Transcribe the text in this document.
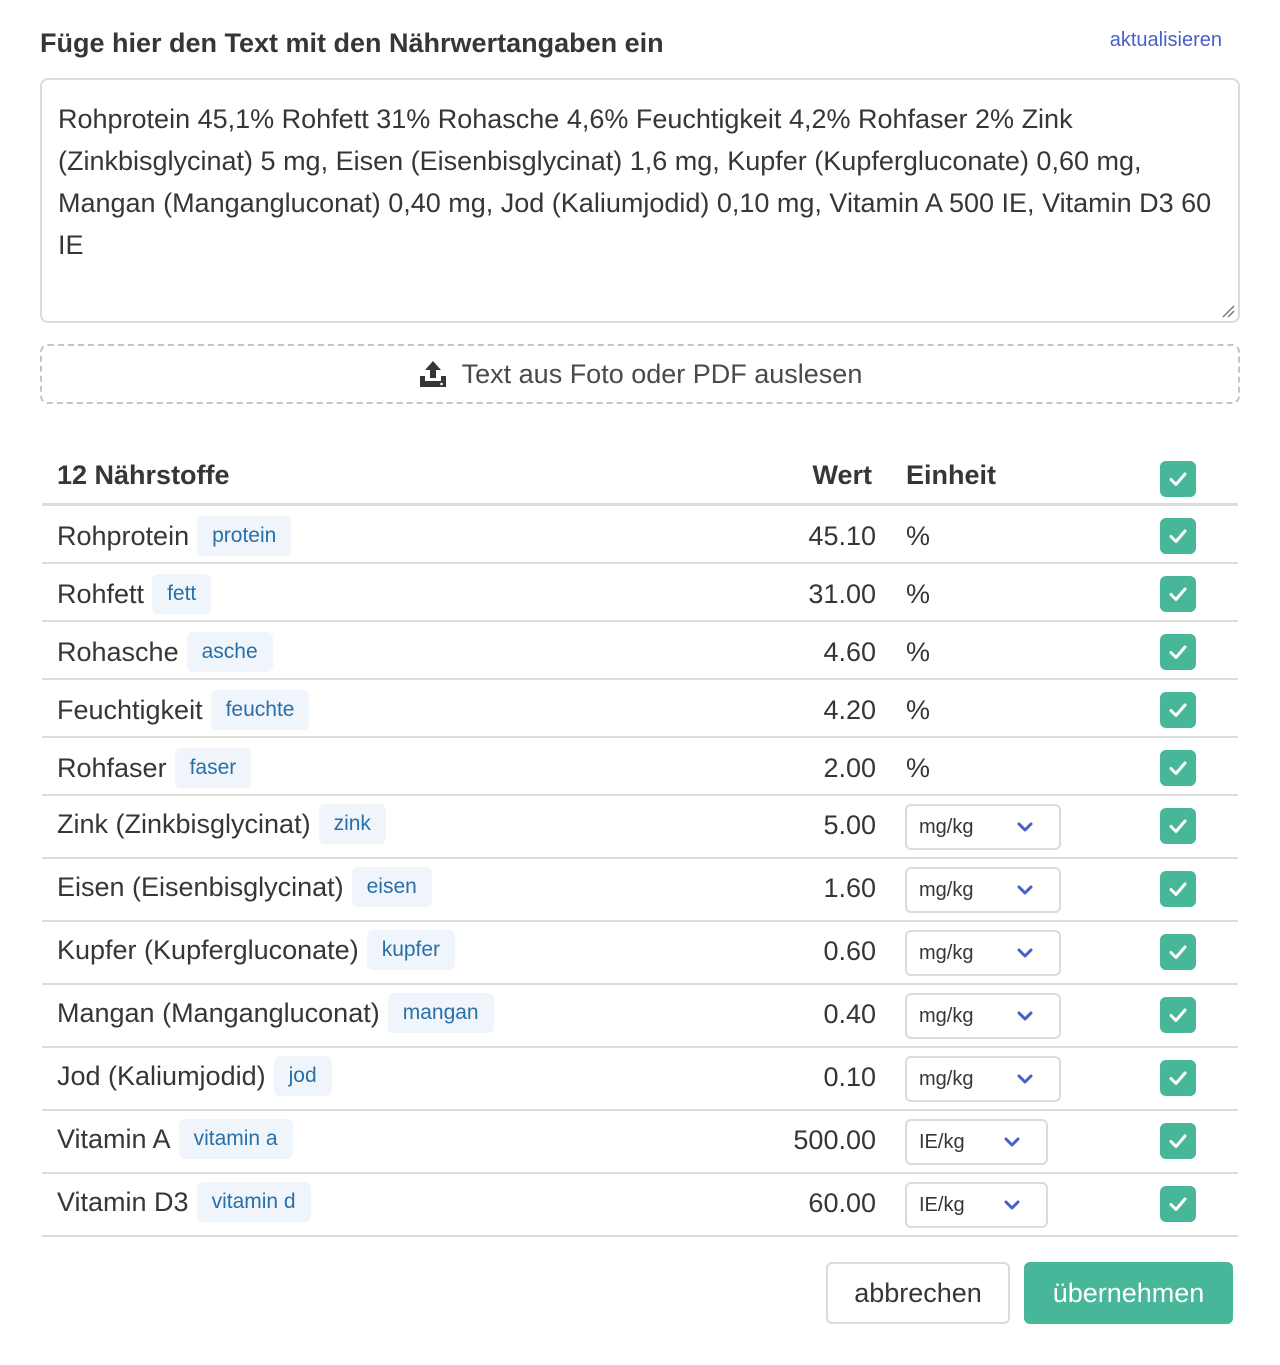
Füge hier den Text mit den Nährwertangaben ein	aktualisieren
Rohprotein 45,1% Rohfett 31% Rohasche 4,6% Feuchtigkeit 4,2% Rohfaser 2% Zink (Zinkbisglycinat) 5 mg, Eisen (Eisenbisglycinat) 1,6 mg, Kupfer (Kupfergluconate) 0,60 mg, Mangan (Mangangluconat) 0,40 mg, Jod (Kaliumjodid) 0,10 mg, Vitamin A 500 IE, Vitamin D3 60 IE
Text aus Foto oder PDF auslesen
12 Nährstoffe	Wert Einheit
Rohprotein	protein	45.10 %
Rohfett	fett	31.00 %
Rohasche	asche	4.60 %
Feuchtigkeit	feuchte	4.20 %
Rohfaser	faser	2.00 %
Zink (Zinkbisglycinat)	zink	5.00 mg/kg
Eisen (Eisenbisglycinat)	eisen	1.60 mg/kg
Kupfer (Kupfergluconate)	kupfer	0.60 mg/kg
Mangan (Mangangluconat)	mangan	0.40 mg/kg
Jod (Kaliumjodid)	jod	0.10 mg/kg
Vitamin A	vitamin a	500.00 IE/kg
Vitamin D3	vitamin d	60.00 IE/kg
abbrechen	übernehmen
